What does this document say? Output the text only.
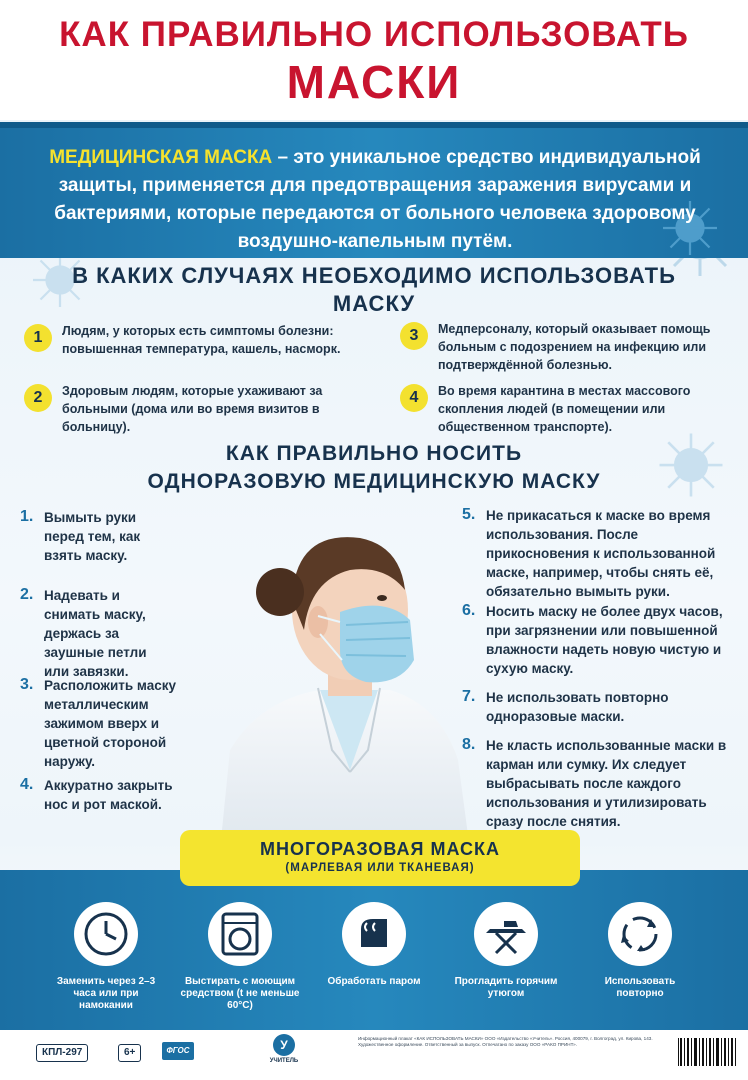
КАК ПРАВИЛЬНО ИСПОЛЬЗОВАТЬ
МАСКИ

МЕДИЦИНСКАЯ МАСКА – это уникальное средство индивидуальной защиты, применяется для предотвращения заражения вирусами и бактериями, которые передаются от больного человека здоровому воздушно-капельным путём.

В КАКИХ СЛУЧАЯХ НЕОБХОДИМО ИСПОЛЬЗОВАТЬ
МАСКУ
1	Людям, у которых есть симптомы болезни: повышенная температура, кашель, насморк.
2	Здоровым людям, которые ухаживают за больными (дома или во время визитов в больницу).
3	Медперсоналу, который оказывает помощь больным с подозрением на инфекцию или подтверждённой болезнью.
4	Во время карантина в местах массового скопления людей (в помещении или общественном транспорте).
КАК ПРАВИЛЬНО НОСИТЬ
ОДНОРАЗОВУЮ МЕДИЦИНСКУЮ МАСКУ
1. Вымыть руки перед тем, как взять маску.
2. Надевать и снимать маску, держась за заушные петли или завязки.
3. Расположить маску металлическим зажимом вверх и цветной стороной наружу.
4. Аккуратно закрыть нос и рот маской.
5. Не прикасаться к маске во время использования. После прикосновения к использованной маске, например, чтобы снять её, обязательно вымыть руки.
6. Носить маску не более двух часов, при загрязнении или повышенной влажности надеть новую чистую и сухую маску.
7. Не использовать повторно одноразовые маски.
8. Не класть использованные маски в карман или сумку. Их следует выбрасывать после каждого использования и утилизировать сразу после снятия.
МНОГОРАЗОВАЯ МАСКА
(МАРЛЕВАЯ ИЛИ ТКАНЕВАЯ)
Заменить через 2–3 часа или при намокании
Выстирать с моющим средством (t не меньше 60°С)
Обработать паром	Прогладить горячим утюгом
Использовать повторно
КПЛ-297	6+	ФГОС	У
УЧИТЕЛЬ
Информационный плакат «КАК ИСПОЛЬЗОВАТЬ МАСКИ» ООО «Издательство «Учитель». Россия, 400079, г. Волгоград, ул. Кирова, 143. Художественное оформление. Ответственный за выпуск. Отпечатано по заказу ООО «РАКО ПРИНТ».
